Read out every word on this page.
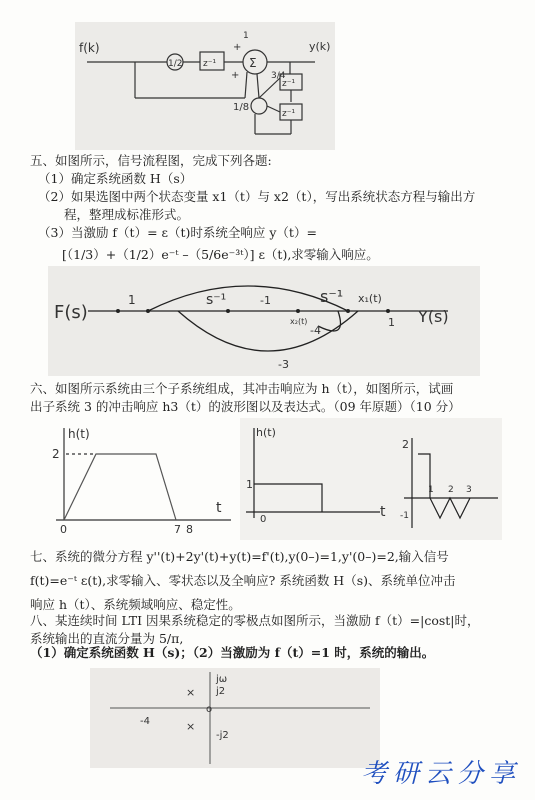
f(k)	y(k)
1/2 z⁻¹	Σ
+
+
1
3/4
1/8
z⁻¹
z⁻¹
五、如图所示，信号流程图，完成下列各题:
（1）确定系统函数 H（s）
（2）如果选图中两个状态变量 x1（t）与 x2（t），写出系统状态方程与输出方
程，整理成标准形式。
（3）当激励 f（t）= ε（t)时系统全响应 y（t）=
[（1/3）+（1/2）e⁻ᵗ –（5/6e⁻³ᵗ）] ε（t),求零输入响应。
F(s)	Y(s)
1	s⁻¹	s⁻¹
-1
x₂(t)
x₁(t)
-4
1
-3
六、如图所示系统由三个子系统组成，其冲击响应为 h（t），如图所示，试画
出子系统 3 的冲击响应 h3（t）的波形图以及表达式。（09 年原题）（10 分）
h(t)
2
t
0	7 8
h(t)
2
1
t
0
1 2 3
-1
七、系统的微分方程 y''(t)+2y'(t)+y(t)=f'(t),y(0–)=1,y'(0–)=2,输入信号
f(t)=e⁻ᵗ ε(t),求零输入、零状态以及全响应? 系统函数 H（s)、系统单位冲击
响应 h（t）、系统频域响应、稳定性。
八、某连续时间 LTI 因果系统稳定的零极点如图所示，当激励 f（t）=|cost|时，
系统输出的直流分量为 5/π,
（1）确定系统函数 H（s)；（2）当激励为 f（t）=1 时，系统的输出。
jω
j2
-j2
-4
×
×
o
考研云分享
